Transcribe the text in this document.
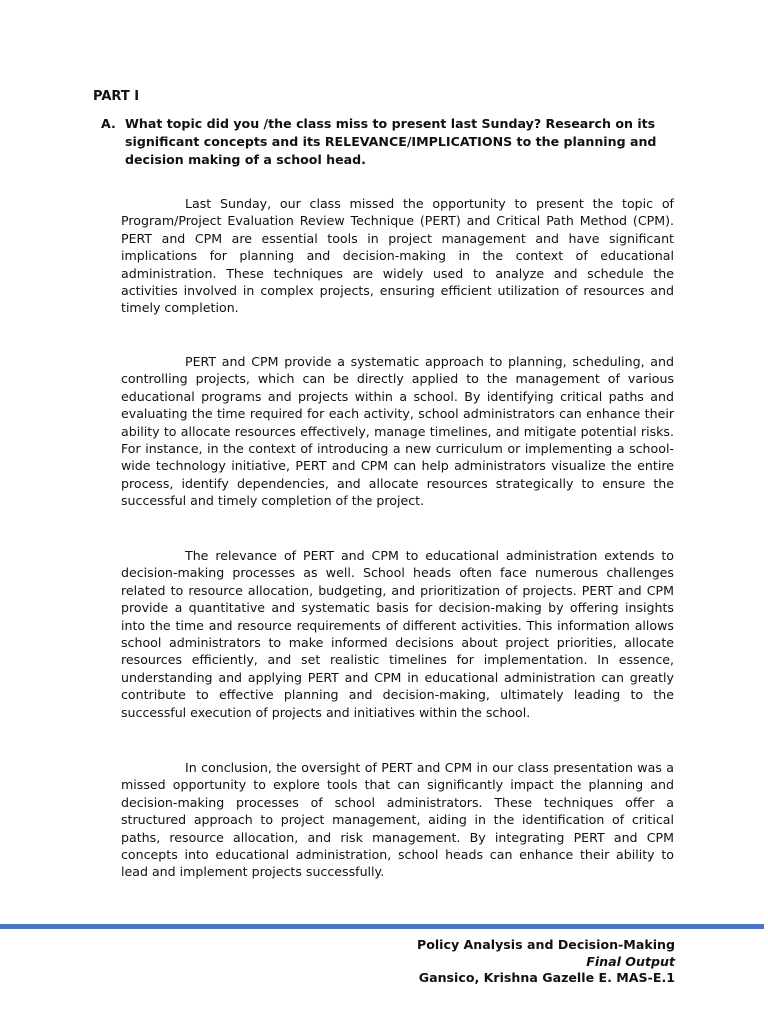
PART I
A. What topic did you /the class miss to present last Sunday? Research on its significant concepts and its RELEVANCE/IMPLICATIONS to the planning and decision making of a school head.

Last Sunday, our class missed the opportunity to present the topic of Program/Project Evaluation Review Technique (PERT) and Critical Path Method (CPM). PERT and CPM are essential tools in project management and have significant implications for planning and decision-making in the context of educational administration. These techniques are widely used to analyze and schedule the activities involved in complex projects, ensuring efficient utilization of resources and timely completion.

PERT and CPM provide a systematic approach to planning, scheduling, and controlling projects, which can be directly applied to the management of various educational programs and projects within a school. By identifying critical paths and evaluating the time required for each activity, school administrators can enhance their ability to allocate resources effectively, manage timelines, and mitigate potential risks. For instance, in the context of introducing a new curriculum or implementing a school-wide technology initiative, PERT and CPM can help administrators visualize the entire process, identify dependencies, and allocate resources strategically to ensure the successful and timely completion of the project.

The relevance of PERT and CPM to educational administration extends to decision-making processes as well. School heads often face numerous challenges related to resource allocation, budgeting, and prioritization of projects. PERT and CPM provide a quantitative and systematic basis for decision-making by offering insights into the time and resource requirements of different activities. This information allows school administrators to make informed decisions about project priorities, allocate resources efficiently, and set realistic timelines for implementation. In essence, understanding and applying PERT and CPM in educational administration can greatly contribute to effective planning and decision-making, ultimately leading to the successful execution of projects and initiatives within the school.

In conclusion, the oversight of PERT and CPM in our class presentation was a missed opportunity to explore tools that can significantly impact the planning and decision-making processes of school administrators. These techniques offer a structured approach to project management, aiding in the identification of critical paths, resource allocation, and risk management. By integrating PERT and CPM concepts into educational administration, school heads can enhance their ability to lead and implement projects successfully.

Policy Analysis and Decision-Making
Final Output
Gansico, Krishna Gazelle E. MAS-E.1
